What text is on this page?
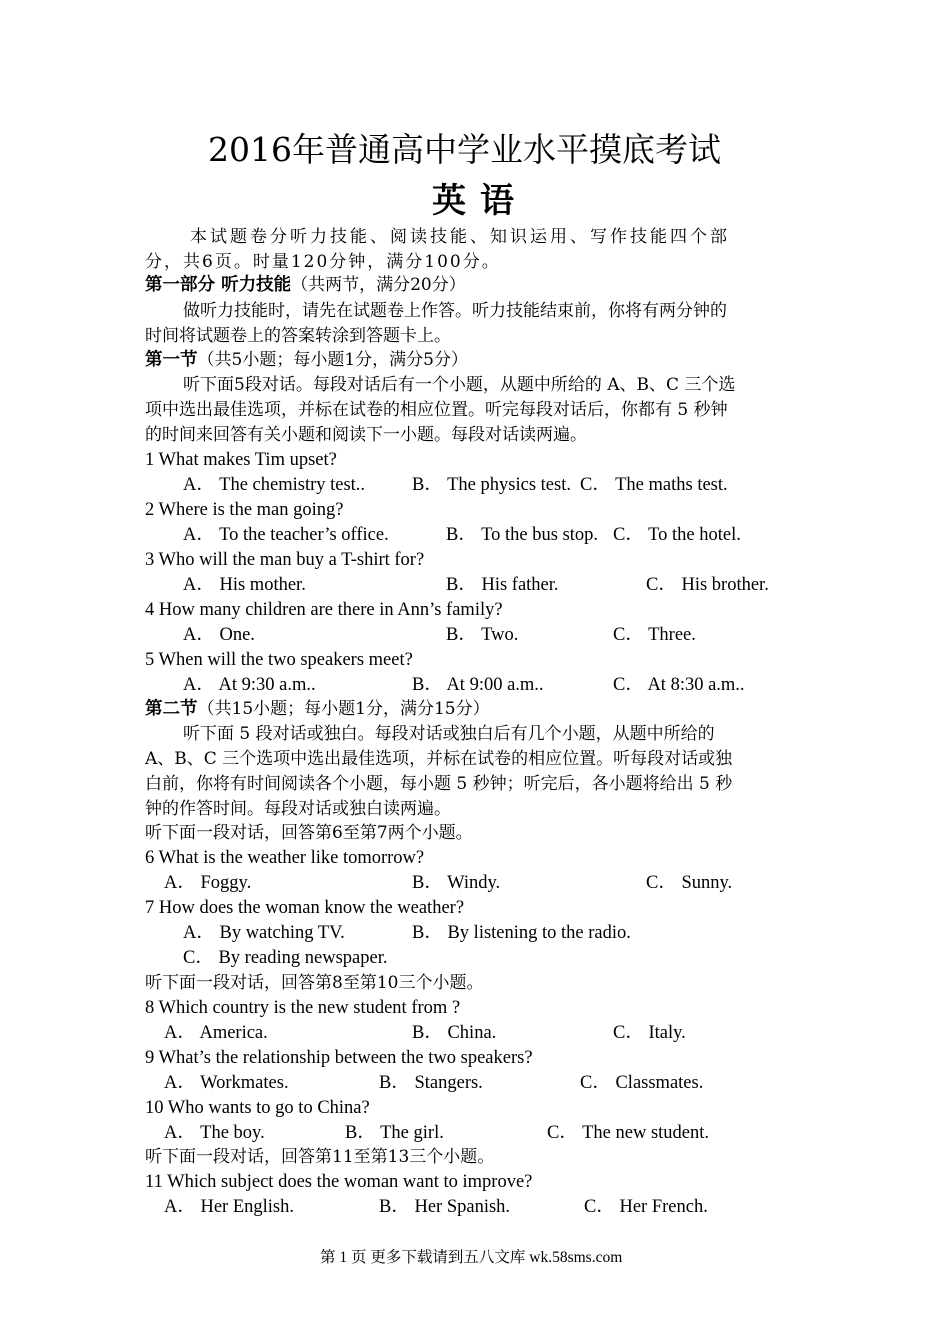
2016年普通高中学业水平摸底考试
英语
本试题卷分听力技能、阅读技能、知识运用、写作技能四个部
分，共6页。时量120分钟，满分100分。
第一部分 听力技能（共两节，满分20分）
做听力技能时，请先在试题卷上作答。听力技能结束前，你将有两分钟的
时间将试题卷上的答案转涂到答题卡上。
第一节（共5小题；每小题1分，满分5分）
听下面5段对话。每段对话后有一个小题，从题中所给的 A、B、C 三个选
项中选出最佳选项，并标在试卷的相应位置。听完每段对话后，你都有 5 秒钟
的时间来回答有关小题和阅读下一小题。每段对话读两遍。
1 What makes Tim upset?
A． The chemistry test..	B． The physics test. C． The maths test.
2 Where is the man going?
A． To the teacher’s office.	B． To the bus stop. C． To the hotel.
3 Who will the man buy a T-shirt for?
A． His mother.	B． His father.	C． His brother.
4 How many children are there in Ann’s family?
A． One.	B． Two.	C． Three.
5 When will the two speakers meet?
A． At 9:30 a.m..	B． At 9:00 a.m..	C． At 8:30 a.m..
第二节（共15小题；每小题1分，满分15分）
听下面 5 段对话或独白。每段对话或独白后有几个小题，从题中所给的
A、B、C 三个选项中选出最佳选项，并标在试卷的相应位置。听每段对话或独
白前，你将有时间阅读各个小题，每小题 5 秒钟；听完后，各小题将给出 5 秒
钟的作答时间。每段对话或独白读两遍。
听下面一段对话，回答第6至第7两个小题。
6 What is the weather like tomorrow?
A． Foggy.	B． Windy.	C． Sunny.
7 How does the woman know the weather?
A． By watching TV.	B． By listening to the radio.
C． By reading newspaper.
听下面一段对话，回答第8至第10三个小题。
8 Which country is the new student from ?
A． America.	B． China.	C． Italy.
9 What’s the relationship between the two speakers?
A． Workmates.	B． Stangers.	C． Classmates.
10 Who wants to go to China?
A． The boy.	B． The girl.	C． The new student.
听下面一段对话，回答第11至第13三个小题。
11 Which subject does the woman want to improve?
A． Her English.	B． Her Spanish.	C． Her French.
第 1 页 更多下载请到五八文库 wk.58sms.com
